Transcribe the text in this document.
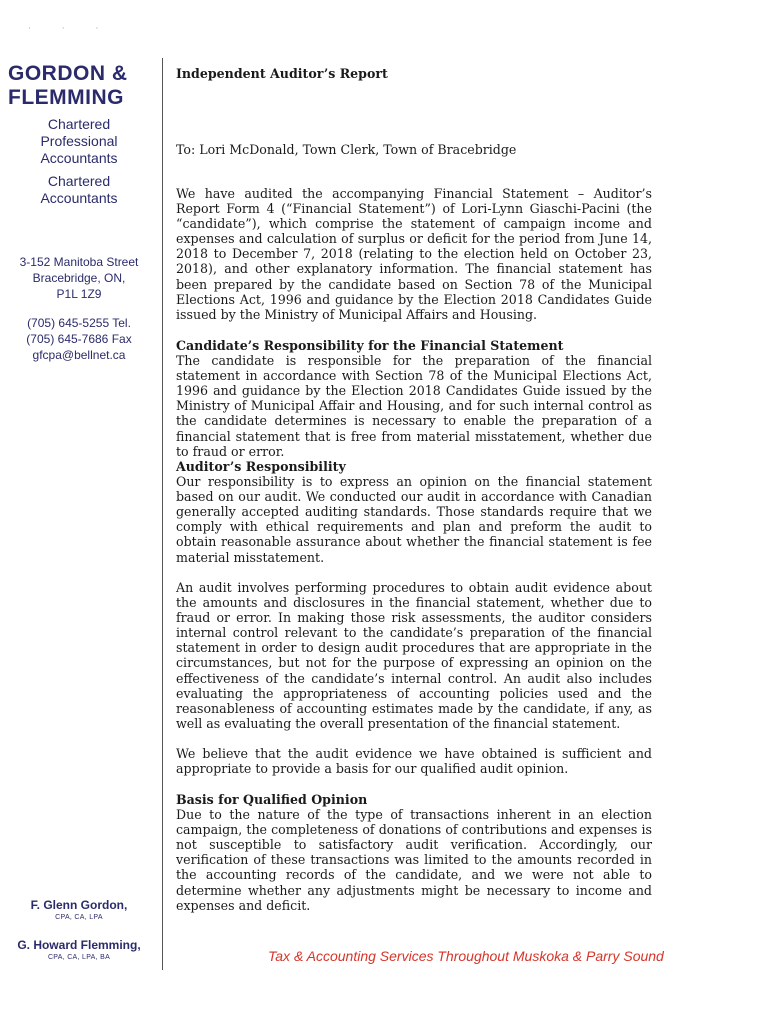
· · ·
GORDON &
FLEMMING
Chartered
Professional
Accountants
Chartered
Accountants
3-152 Manitoba Street
Bracebridge, ON,
P1L 1Z9
(705) 645-5255 Tel.
(705) 645-7686 Fax
gfcpa@bellnet.ca
F. Glenn Gordon,
CPA, CA, LPA
G. Howard Flemming,
CPA, CA, LPA, BA
Independent Auditor’s Report

To: Lori McDonald, Town Clerk, Town of Bracebridge

We have audited the accompanying Financial Statement – Auditor’s Report Form 4 (“Financial Statement”) of Lori-Lynn Giaschi-Pacini (the “candidate”), which comprise the statement of campaign income and expenses and calculation of surplus or deficit for the period from June 14, 2018 to December 7, 2018 (relating to the election held on October 23, 2018), and other explanatory information. The financial statement has been prepared by the candidate based on Section 78 of the Municipal Elections Act, 1996 and guidance by the Election 2018 Candidates Guide issued by the Ministry of Municipal Affairs and Housing.

Candidate’s Responsibility for the Financial Statement

The candidate is responsible for the preparation of the financial statement in accordance with Section 78 of the Municipal Elections Act, 1996 and guidance by the Election 2018 Candidates Guide issued by the Ministry of Municipal Affair and Housing, and for such internal control as the candidate determines is necessary to enable the preparation of a financial statement that is free from material misstatement, whether due to fraud or error.

Auditor’s Responsibility

Our responsibility is to express an opinion on the financial statement based on our audit. We conducted our audit in accordance with Canadian generally accepted auditing standards. Those standards require that we comply with ethical requirements and plan and preform the audit to obtain reasonable assurance about whether the financial statement is fee material misstatement.

An audit involves performing procedures to obtain audit evidence about the amounts and disclosures in the financial statement, whether due to fraud or error. In making those risk assessments, the auditor considers internal control relevant to the candidate’s preparation of the financial statement in order to design audit procedures that are appropriate in the circumstances, but not for the purpose of expressing an opinion on the effectiveness of the candidate’s internal control. An audit also includes evaluating the appropriateness of accounting policies used and the reasonableness of accounting estimates made by the candidate, if any, as well as evaluating the overall presentation of the financial statement.

We believe that the audit evidence we have obtained is sufficient and appropriate to provide a basis for our qualified audit opinion.

Basis for Qualified Opinion

Due to the nature of the type of transactions inherent in an election campaign, the completeness of donations of contributions and expenses is not susceptible to satisfactory audit verification. Accordingly, our verification of these transactions was limited to the amounts recorded in the accounting records of the candidate, and we were not able to determine whether any adjustments might be necessary to income and expenses and deficit.

Tax & Accounting Services Throughout Muskoka & Parry Sound
